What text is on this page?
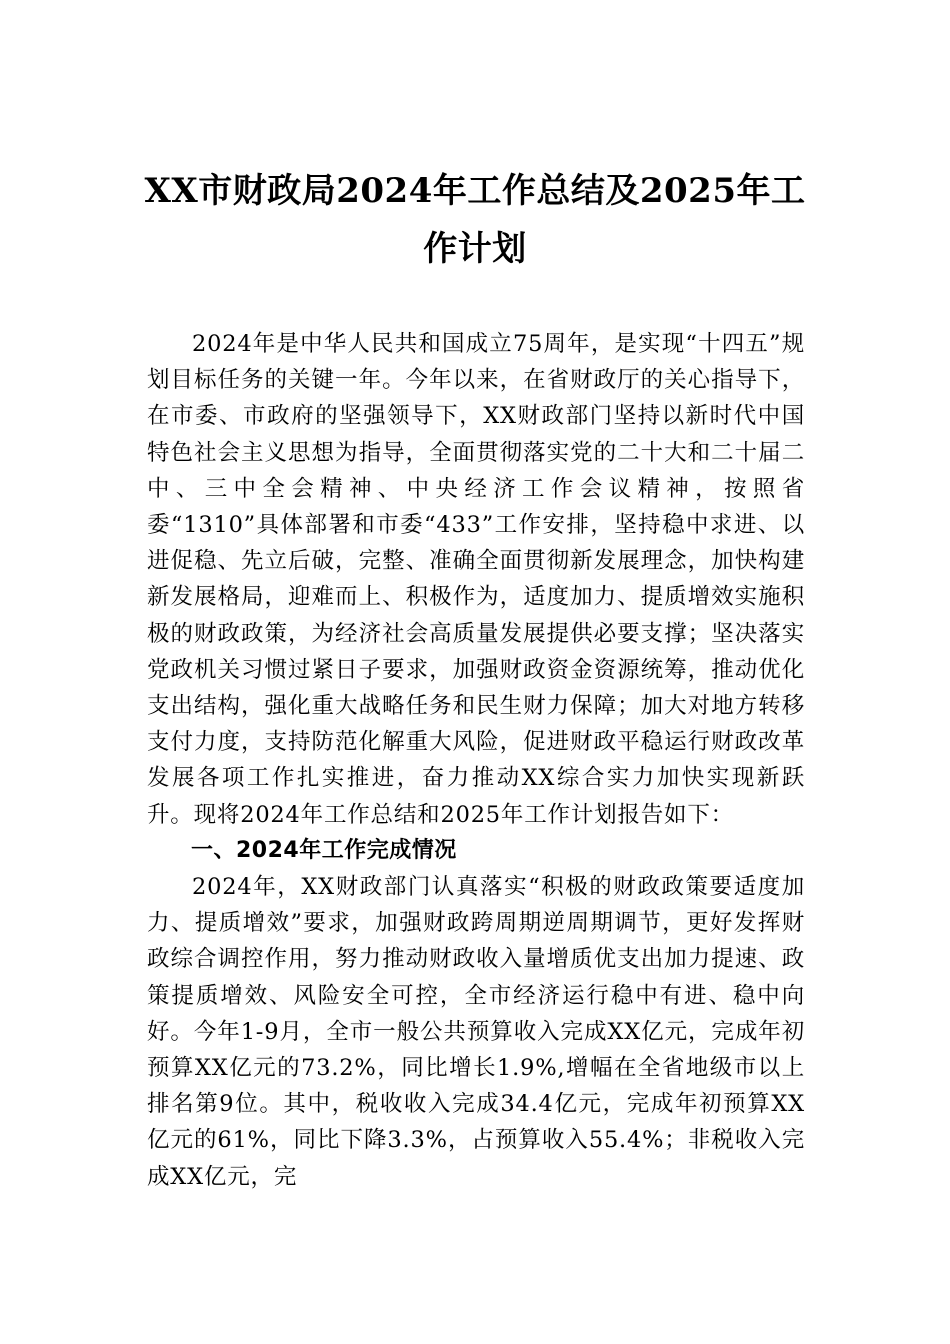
XX市财政局2024年工作总结及2025年工
作计划

2024年是中华人民共和国成立75周年，是实现“十四五”规划目标任务的关键一年。今年以来，在省财政厅的关心指导下，在市委、市政府的坚强领导下，XX财政部门坚持以新时代中国特色社会主义思想为指导，全面贯彻落实党的二十大和二十届二中、三中全会精神、中央经济工作会议精神，按照省委“1310”具体部署和市委“433”工作安排，坚持稳中求进、以进促稳、先立后破，完整、准确全面贯彻新发展理念，加快构建新发展格局，迎难而上、积极作为，适度加力、提质增效实施积极的财政政策，为经济社会高质量发展提供必要支撑；坚决落实党政机关习惯过紧日子要求，加强财政资金资源统筹，推动优化支出结构，强化重大战略任务和民生财力保障；加大对地方转移支付力度，支持防范化解重大风险，促进财政平稳运行财政改革发展各项工作扎实推进，奋力推动XX综合实力加快实现新跃升。现将2024年工作总结和2025年工作计划报告如下：

一、2024年工作完成情况

2024年，XX财政部门认真落实“积极的财政政策要适度加力、提质增效”要求，加强财政跨周期逆周期调节，更好发挥财政综合调控作用，努力推动财政收入量增质优支出加力提速、政策提质增效、风险安全可控，全市经济运行稳中有进、稳中向好。今年1-9月，全市一般公共预算收入完成XX亿元，完成年初预算XX亿元的73.2%，同比增长1.9%,增幅在全省地级市以上排名第9位。其中，税收收入完成34.4亿元，完成年初预算XX亿元的61%，同比下降3.3%，占预算收入55.4%；非税收入完成XX亿元，完
